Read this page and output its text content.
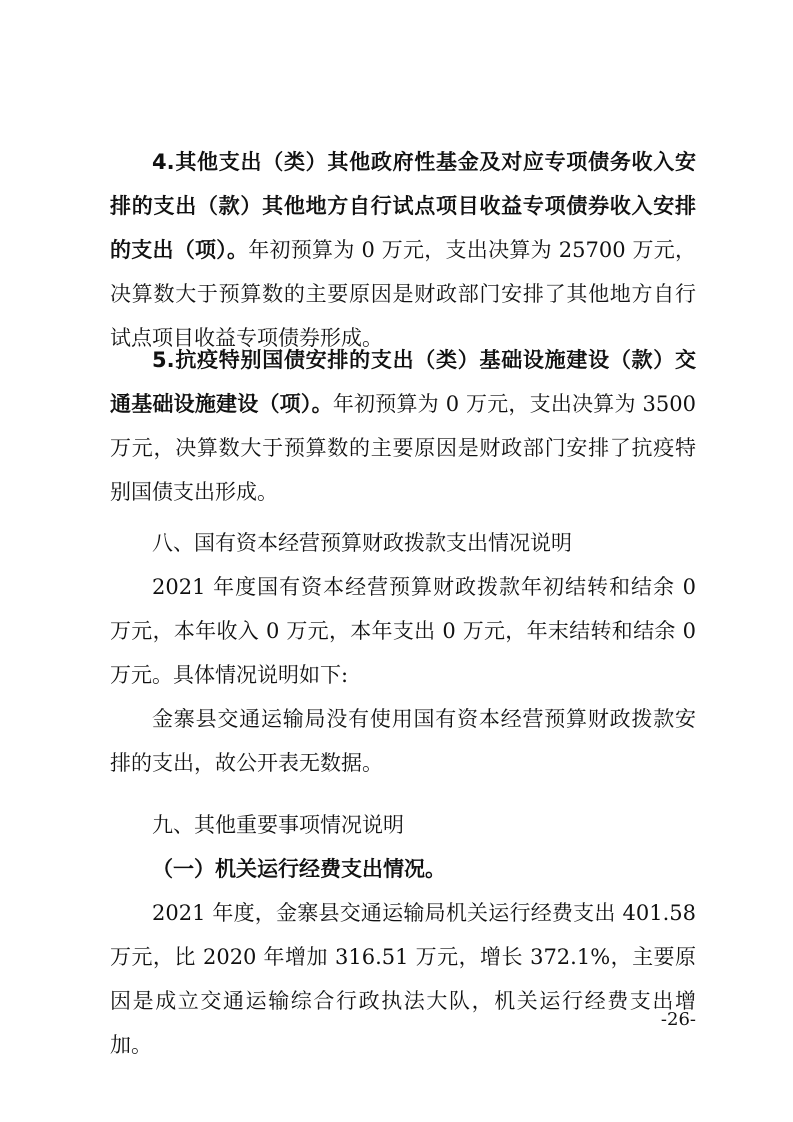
4.其他支出（类）其他政府性基金及对应专项债务收入安排的支出（款）其他地方自行试点项目收益专项债券收入安排的支出（项）。年初预算为 0 万元，支出决算为 25700 万元，决算数大于预算数的主要原因是财政部门安排了其他地方自行试点项目收益专项债券形成。

5.抗疫特别国债安排的支出（类）基础设施建设（款）交通基础设施建设（项）。年初预算为 0 万元，支出决算为 3500 万元，决算数大于预算数的主要原因是财政部门安排了抗疫特别国债支出形成。

八、国有资本经营预算财政拨款支出情况说明

2021 年度国有资本经营预算财政拨款年初结转和结余 0 万元，本年收入 0 万元，本年支出 0 万元，年末结转和结余 0 万元。具体情况说明如下:

金寨县交通运输局没有使用国有资本经营预算财政拨款安排的支出，故公开表无数据。

九、其他重要事项情况说明

（一）机关运行经费支出情况。

2021 年度，金寨县交通运输局机关运行经费支出 401.58 万元，比 2020 年增加 316.51 万元，增长 372.1%，主要原因是成立交通运输综合行政执法大队，机关运行经费支出增加。

-26-
